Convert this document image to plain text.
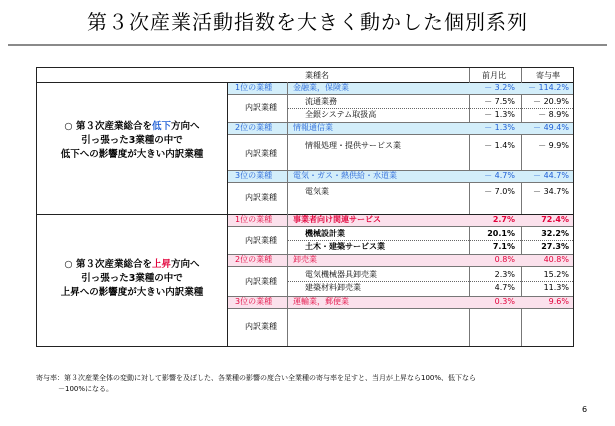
第３次産業活動指数を大きく動かした個別系列
業種名	前月比	寄与率
○ 第３次産業総合を低下方向へ
引っ張った3業種の中で
低下への影響度が大きい内訳業種
1位の業種	金融業，保険業	－ 3.2%	－ 114.2%
内訳業種
流通業務	－ 7.5%	－ 20.9%
全銀システム取扱高	－ 1.3%	－ 8.9%
2位の業種	情報通信業	－ 1.3%	－ 49.4%
内訳業種
情報処理・提供サービス業	－ 1.4%	－ 9.9%
3位の業種	電気・ガス・熱供給・水道業	－ 4.7%	－ 44.7%
内訳業種
電気業	－ 7.0%	－ 34.7%
○ 第３次産業総合を上昇方向へ
引っ張った3業種の中で
上昇への影響度が大きい内訳業種
1位の業種	事業者向け関連サービス	2.7%	72.4%
内訳業種
機械設計業	20.1%	32.2%
土木・建築サービス業	7.1%	27.3%
2位の業種	卸売業	0.8%	40.8%
内訳業種
電気機械器具卸売業	2.3%	15.2%
建築材料卸売業	4.7%	11.3%
3位の業種	運輸業，郵便業	0.3%	9.6%
内訳業種
寄与率：第３次産業全体の変動に対して影響を及ぼした、各業種の影響の度合い全業種の寄与率を足すと、当月が上昇なら100%、低下なら
－100%になる。
6
